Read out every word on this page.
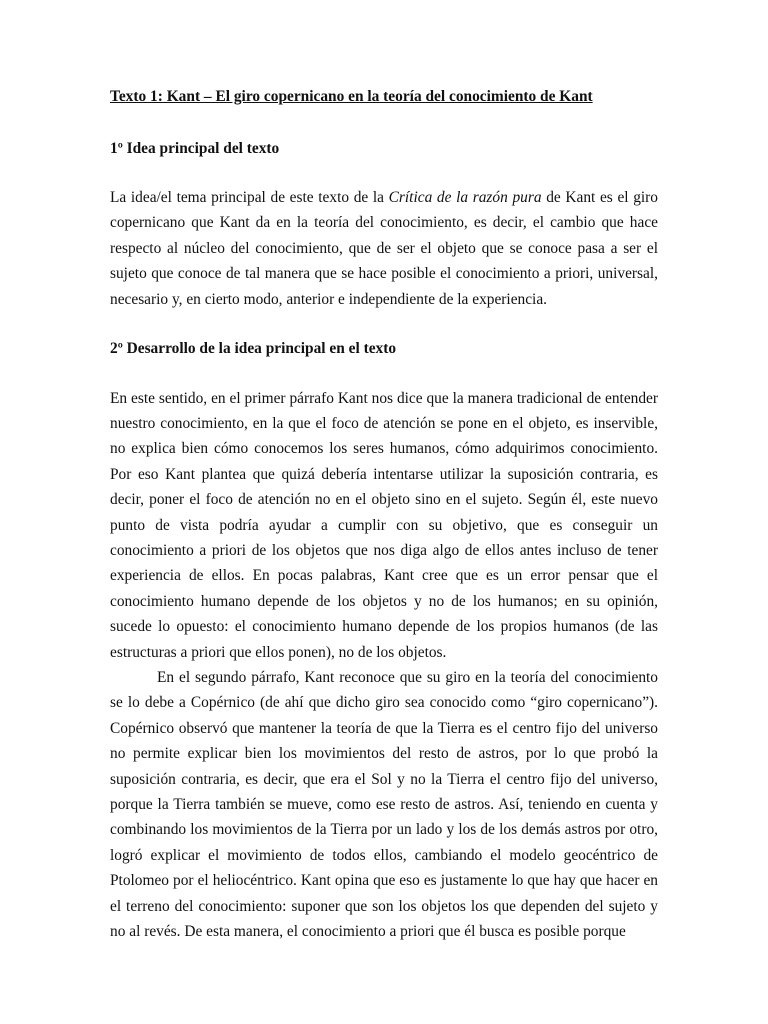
Texto 1: Kant – El giro copernicano en la teoría del conocimiento de Kant

1º Idea principal del texto

La idea/el tema principal de este texto de la Crítica de la razón pura de Kant es el giro copernicano que Kant da en la teoría del conocimiento, es decir, el cambio que hace respecto al núcleo del conocimiento, que de ser el objeto que se conoce pasa a ser el sujeto que conoce de tal manera que se hace posible el conocimiento a priori, universal, necesario y, en cierto modo, anterior e independiente de la experiencia.

2º Desarrollo de la idea principal en el texto

En este sentido, en el primer párrafo Kant nos dice que la manera tradicional de entender nuestro conocimiento, en la que el foco de atención se pone en el objeto, es inservible, no explica bien cómo conocemos los seres humanos, cómo adquirimos conocimiento. Por eso Kant plantea que quizá debería intentarse utilizar la suposición contraria, es decir, poner el foco de atención no en el objeto sino en el sujeto. Según él, este nuevo punto de vista podría ayudar a cumplir con su objetivo, que es conseguir un conocimiento a priori de los objetos que nos diga algo de ellos antes incluso de tener experiencia de ellos. En pocas palabras, Kant cree que es un error pensar que el conocimiento humano depende de los objetos y no de los humanos; en su opinión, sucede lo opuesto: el conocimiento humano depende de los propios humanos (de las estructuras a priori que ellos ponen), no de los objetos.

En el segundo párrafo, Kant reconoce que su giro en la teoría del conocimiento se lo debe a Copérnico (de ahí que dicho giro sea conocido como “giro copernicano”). Copérnico observó que mantener la teoría de que la Tierra es el centro fijo del universo no permite explicar bien los movimientos del resto de astros, por lo que probó la suposición contraria, es decir, que era el Sol y no la Tierra el centro fijo del universo, porque la Tierra también se mueve, como ese resto de astros. Así, teniendo en cuenta y combinando los movimientos de la Tierra por un lado y los de los demás astros por otro, logró explicar el movimiento de todos ellos, cambiando el modelo geocéntrico de Ptolomeo por el heliocéntrico. Kant opina que eso es justamente lo que hay que hacer en el terreno del conocimiento: suponer que son los objetos los que dependen del sujeto y no al revés. De esta manera, el conocimiento a priori que él busca es posible porque
